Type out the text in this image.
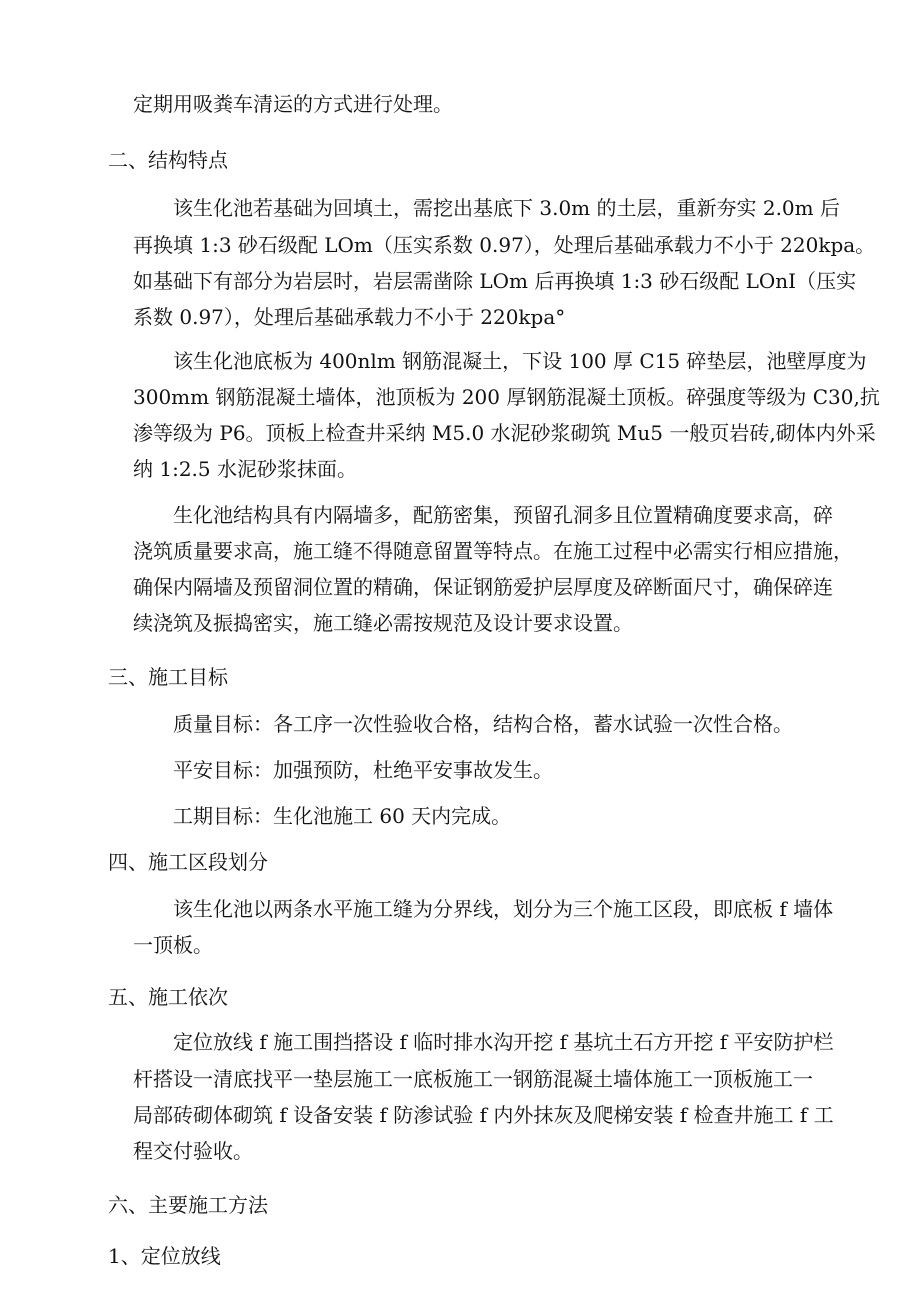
定期用吸粪车清运的方式进行处理。
二、结构特点
该生化池若基础为回填土，需挖出基底下 3.0m 的土层，重新夯实 2.0m 后
再换填 1:3 砂石级配 LOm（压实系数 0.97），处理后基础承载力不小于 220kpa。
如基础下有部分为岩层时，岩层需凿除 LOm 后再换填 1:3 砂石级配 LOnI（压实
系数 0.97），处理后基础承载力不小于 220kpa°
该生化池底板为 400nlm 钢筋混凝土，下设 100 厚 C15 碎垫层，池壁厚度为
300mm 钢筋混凝土墙体，池顶板为 200 厚钢筋混凝土顶板。碎强度等级为 C30,抗
渗等级为 P6。顶板上检查井采纳 M5.0 水泥砂浆砌筑 Mu5 一般页岩砖,砌体内外采
纳 1:2.5 水泥砂浆抹面。
生化池结构具有内隔墙多，配筋密集，预留孔洞多且位置精确度要求高，碎
浇筑质量要求高，施工缝不得随意留置等特点。在施工过程中必需实行相应措施，
确保内隔墙及预留洞位置的精确，保证钢筋爱护层厚度及碎断面尺寸，确保碎连
续浇筑及振捣密实，施工缝必需按规范及设计要求设置。
三、施工目标
质量目标：各工序一次性验收合格，结构合格，蓄水试验一次性合格。
平安目标：加强预防，杜绝平安事故发生。
工期目标：生化池施工 60 天内完成。
四、施工区段划分
该生化池以两条水平施工缝为分界线，划分为三个施工区段，即底板 f 墙体
一顶板。
五、施工依次
定位放线 f 施工围挡搭设 f 临时排水沟开挖 f 基坑土石方开挖 f 平安防护栏
杆搭设一清底找平一垫层施工一底板施工一钢筋混凝土墙体施工一顶板施工一
局部砖砌体砌筑 f 设备安装 f 防渗试验 f 内外抹灰及爬梯安装 f 检查井施工 f 工
程交付验收。
六、主要施工方法
1、定位放线
